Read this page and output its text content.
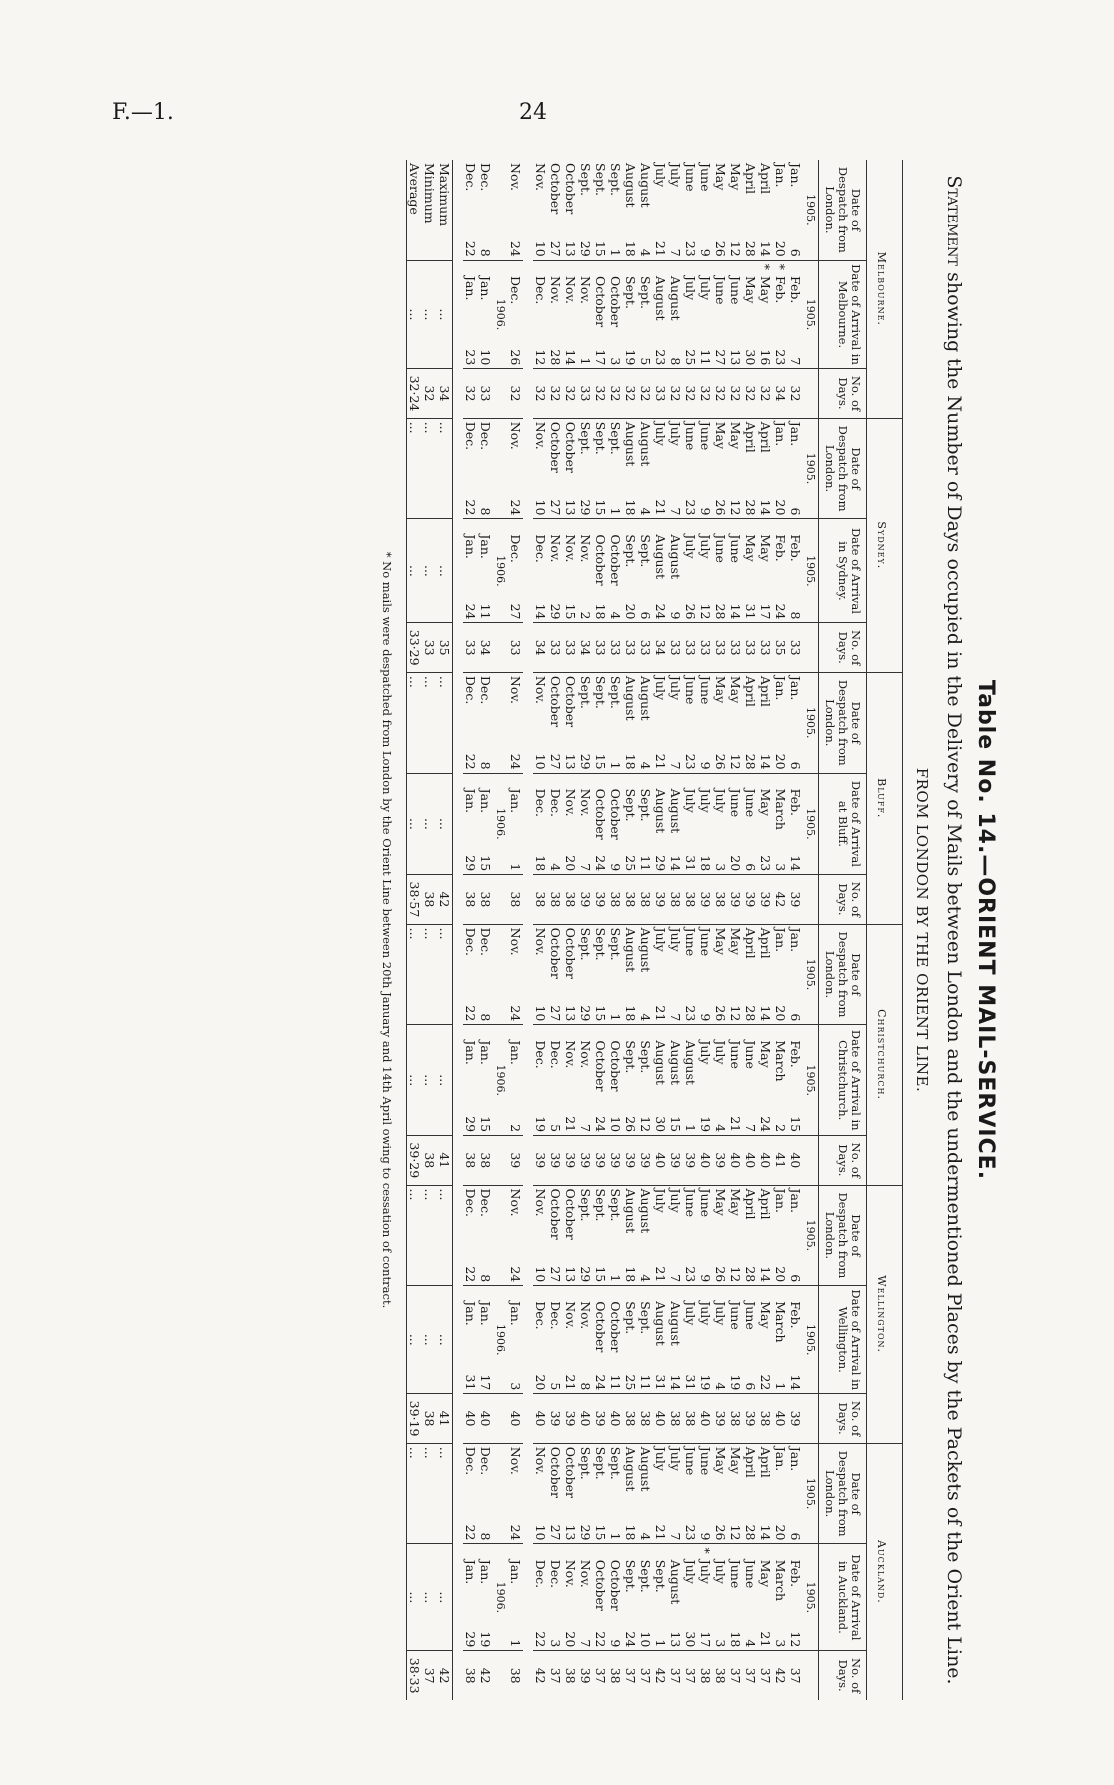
F.—1.	24
Table No. 14.—ORIENT MAIL-SERVICE.
Statement showing the Number of Days occupied in the Delivery of Mails between London and the undermentioned Places by the Packets of the Orient Line.
FROM LONDON BY THE ORIENT LINE.
Melbourne.						Sydney.						Bluff.						Christchurch.						Wellington.						Auckland.					
Date of Despatch from London.		Date of Arrival in Melbourne.			No. of Days.	Date of Despatch from London.		Date of Arrival in Sydney.			No. of Days.	Date of Despatch from London.		Date of Arrival at Bluff.			No. of Days.	Date of Despatch from London.		Date of Arrival in Christchurch.			No. of Days.	Date of Despatch from London.		Date of Arrival in Wellington.			No. of Days.	Date of Despatch from London.		Date of Arrival in Auckland.			No. of Days.
1905.		1905.				1905.		1905.				1905.		1905.				1905.		1905.				1905.		1905.				1905.		1905.			
Jan.	6		Feb.	7	32	Jan.	6		Feb.	8	33	Jan.	6		Feb.	14	39	Jan.	6		Feb.	15	40	Jan.	6		Feb.	14	39	Jan.	6		Feb.	12	37
Jan.	20	*	Feb.	23	34	Jan.	20		Feb.	24	35	Jan.	20		March	3	42	Jan.	20		March	2	41	Jan.	20		March	1	40	Jan.	20		March	3	42
April	14	*	May	16	32	April	14		May	17	33	April	14		May	23	39	April	14		May	24	40	April	14		May	22	38	April	14		May	21	37
April	28		May	30	32	April	28		May	31	33	April	28		June	6	39	April	28		June	7	40	April	28		June	6	39	April	28		June	4	37
May	12		June	13	32	May	12		June	14	33	May	12		June	20	39	May	12		June	21	40	May	12		June	19	38	May	12		June	18	37
May	26		June	27	32	May	26		June	28	33	May	26		July	3	38	May	26		July	4	39	May	26		July	4	39	May	26		July	3	38
June	9		July	11	32	June	9		July	12	33	June	9		July	18	39	June	9		July	19	40	June	9		July	19	40	June	9	*	July	17	38
June	23		July	25	32	June	23		July	26	33	June	23		July	31	38	June	23		August	1	39	June	23		July	31	38	June	23		July	30	37
July	7		August	8	32	July	7		August	9	33	July	7		August	14	38	July	7		August	15	39	July	7		August	14	38	July	7		August	13	37
July	21		August	23	33	July	21		August	24	34	July	21		August	29	39	July	21		August	30	40	July	21		August	31	40	July	21		Sept.	1	42
August	4		Sept.	5	32	August	4		Sept.	6	33	August	4		Sept.	11	38	August	4		Sept.	12	39	August	4		Sept.	11	38	August	4		Sept.	10	37
August	18		Sept.	19	32	August	18		Sept.	20	33	August	18		Sept.	25	38	August	18		Sept.	26	39	August	18		Sept.	25	38	August	18		Sept.	24	37
Sept.	1		October	3	32	Sept.	1		October	4	33	Sept.	1		October	9	38	Sept.	1		October	10	39	Sept.	1		October	11	40	Sept.	1		October	9	38
Sept.	15		October	17	32	Sept.	15		October	18	33	Sept.	15		October	24	39	Sept.	15		October	24	39	Sept.	15		October	24	39	Sept.	15		October	22	37
Sept.	29		Nov.	1	33	Sept.	29		Nov.	2	34	Sept.	29		Nov.	7	39	Sept.	29		Nov.	7	39	Sept.	29		Nov.	8	40	Sept.	29		Nov.	7	39
October	13		Nov.	14	32	October	13		Nov.	15	33	October	13		Nov.	20	38	October	13		Nov.	21	39	October	13		Nov.	21	39	October	13		Nov.	20	38
October	27		Nov.	28	32	October	27		Nov.	29	33	October	27		Dec.	4	38	October	27		Dec.	5	39	October	27		Dec.	5	39	October	27		Dec.	3	37
Nov.	10		Dec.	12	32	Nov.	10		Dec.	14	34	Nov.	10		Dec.	18	38	Nov.	10		Dec.	19	39	Nov.	10		Dec.	20	40	Nov.	10		Dec.	22	42

Nov.	24		Dec.	26	32	Nov.	24		Dec.	27	33	Nov.	24		Jan.	1	38	Nov.	24		Jan.	2	39	Nov.	24		Jan.	3	40	Nov.	24		Jan.	1	38
		1906.						1906.						1906.						1906.						1906.						1906.			
Dec.	8		Jan.	10	33	Dec.	8		Jan.	11	34	Dec.	8		Jan.	15	38	Dec.	8		Jan.	15	38	Dec.	8		Jan.	17	40	Dec.	8		Jan.	19	42
Dec.	22		Jan.	23	32	Dec.	22		Jan.	24	33	Dec.	22		Jan.	29	38	Dec.	22		Jan.	29	38	Dec.	22		Jan.	31	40	Dec.	22		Jan.	29	38

Maximum		...			34	...		...			35	...		...			42	...		...			41	...		...			41	...		...			42
Minimum		...			32	...		...			33	...		...			38	...		...			38	...		...			38	...		...			37
Average		...			32·24	...		...			33·29	...		...			38·57	...		...			39·29	...		...			39·19	...		...			38·33
* No mails were despatched from London by the Orient Line between 20th January and 14th April owing to cessation of contract.
